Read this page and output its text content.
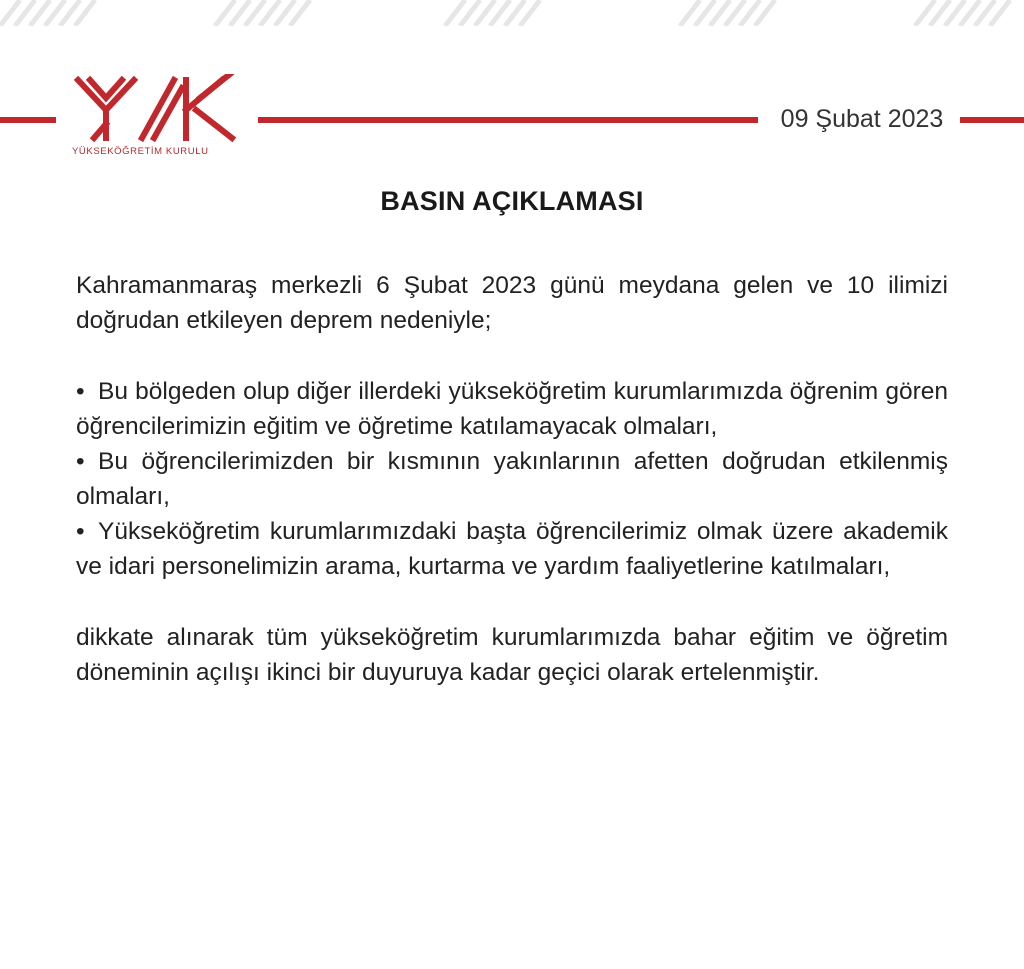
YÜKSEKÖĞRETİM KURULU
09 Şubat 2023
BASIN AÇIKLAMASI

Kahramanmaraş merkezli 6 Şubat 2023 günü meydana gelen ve 10 ilimizi doğrudan etkileyen deprem nedeniyle;

• Bu bölgeden olup diğer illerdeki yükseköğretim kurumlarımızda öğrenim gören öğrencilerimizin eğitim ve öğretime katılamayacak olmaları,

• Bu öğrencilerimizden bir kısmının yakınlarının afetten doğrudan etkilenmiş olmaları,

• Yükseköğretim kurumlarımızdaki başta öğrencilerimiz olmak üzere akademik ve idari personelimizin arama, kurtarma ve yardım faaliyetlerine katılmaları,

dikkate alınarak tüm yükseköğretim kurumlarımızda bahar eğitim ve öğretim döneminin açılışı ikinci bir duyuruya kadar geçici olarak ertelenmiştir.
